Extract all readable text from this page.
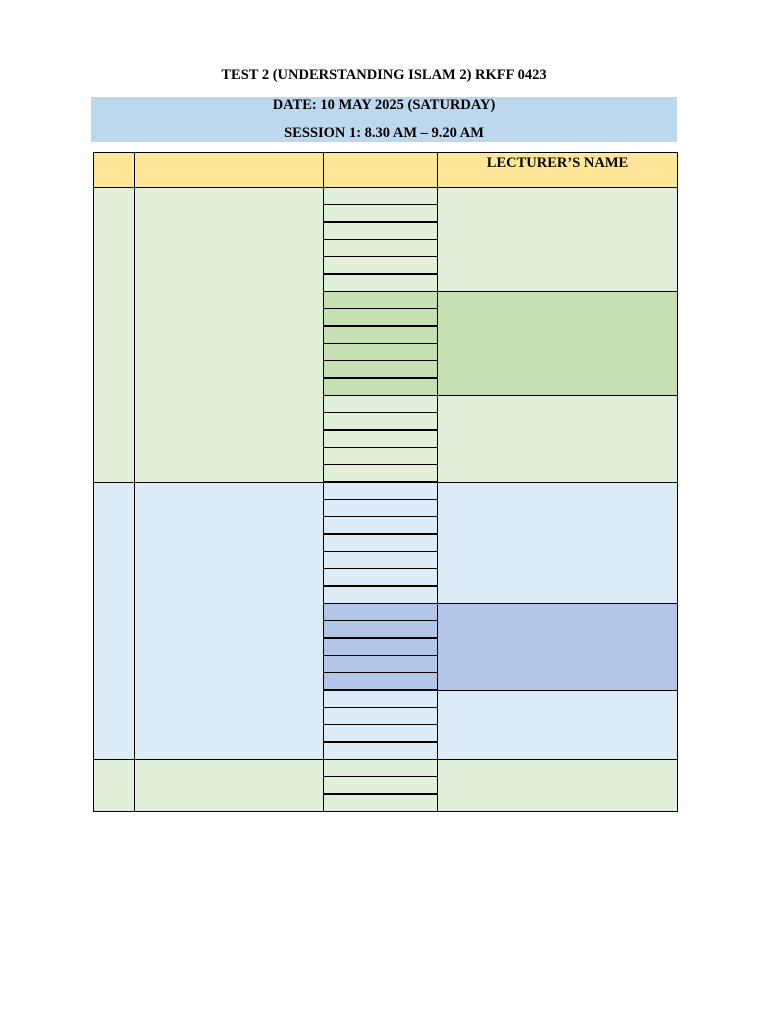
TEST 2 (UNDERSTANDING ISLAM 2) RKFF 0423
DATE: 10 MAY 2025 (SATURDAY)
SESSION 1: 8.30 AM – 9.20 AM
LECTURER’S NAME
